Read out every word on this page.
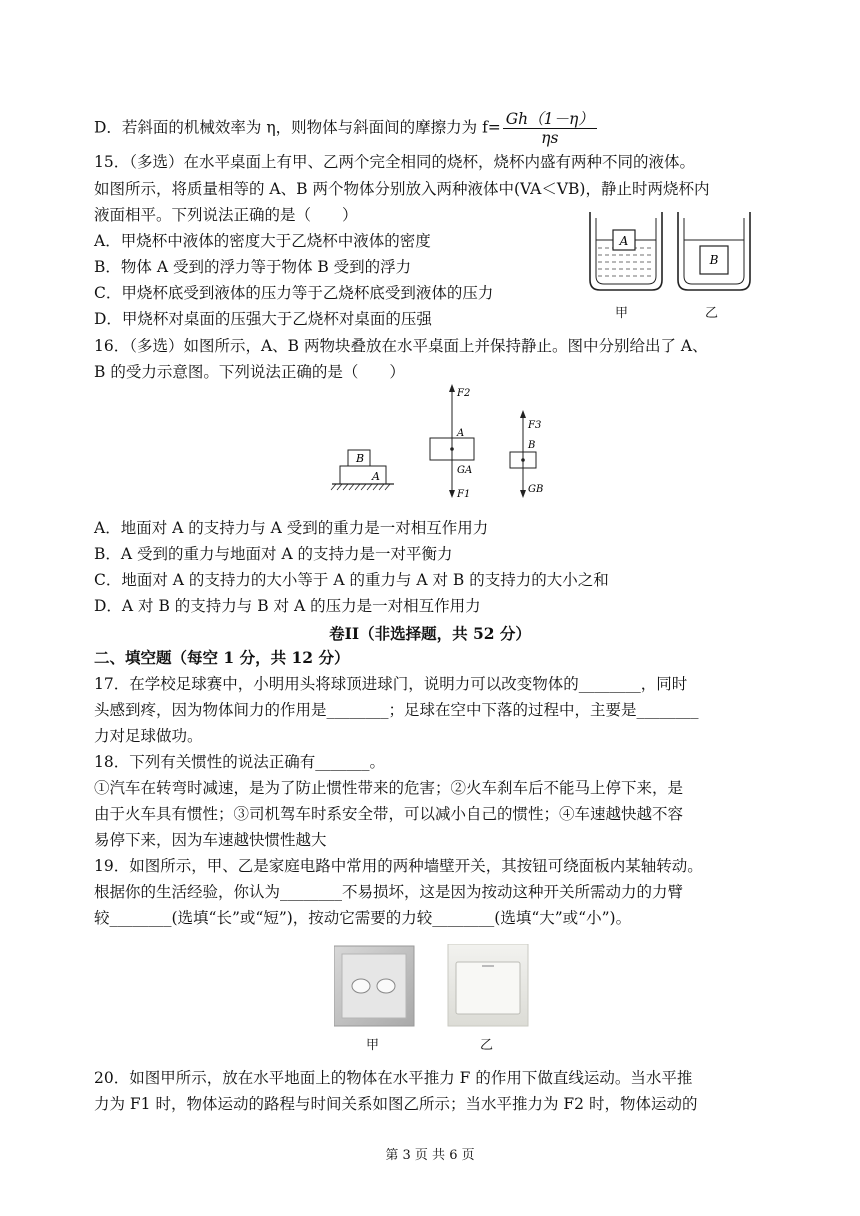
D．若斜面的机械效率为 η，则物体与斜面间的摩擦力为 $f= \frac{Gh(1-\eta)}{\eta s}$
15．（多选）在水平桌面上有甲、乙两个完全相同的烧杯，烧杯内盛有两种不同的液体。
如图所示，将质量相等的 A、B 两个物体分别放入两种液体中(VA＜VB)，静止时两烧杯内
液面相平。下列说法正确的是（　　）
A．甲烧杯中液体的密度大于乙烧杯中液体的密度
B．物体 A 受到的浮力等于物体 B 受到的浮力
C．甲烧杯底受到液体的压力等于乙烧杯底受到液体的压力
D．甲烧杯对桌面的压强大于乙烧杯对桌面的压强
A
B
甲	乙
16．（多选）如图所示，A、B 两物块叠放在水平桌面上并保持静止。图中分别给出了 A、
B 的受力示意图。下列说法正确的是（　　）
B
A
F2
A
GA
F1
F3
B
GB
A．地面对 A 的支持力与 A 受到的重力是一对相互作用力
B．A 受到的重力与地面对 A 的支持力是一对平衡力
C．地面对 A 的支持力的大小等于 A 的重力与 A 对 B 的支持力的大小之和
D．A 对 B 的支持力与 B 对 A 的压力是一对相互作用力
卷II（非选择题，共 52 分）
二、填空题（每空 1 分，共 12 分）
17．在学校足球赛中，小明用头将球顶进球门，说明力可以改变物体的________，同时
头感到疼，因为物体间力的作用是________；足球在空中下落的过程中，主要是________
力对足球做功。
18．下列有关惯性的说法正确有_______。
①汽车在转弯时减速，是为了防止惯性带来的危害；②火车刹车后不能马上停下来，是
由于火车具有惯性；③司机驾车时系安全带，可以减小自己的惯性；④车速越快越不容
易停下来，因为车速越快惯性越大
19．如图所示，甲、乙是家庭电路中常用的两种墙壁开关，其按钮可绕面板内某轴转动。
根据你的生活经验，你认为________不易损坏，这是因为按动这种开关所需动力的力臂
较________(选填“长”或“短”)，按动它需要的力较________(选填“大”或“小”)。
甲	乙
20．如图甲所示，放在水平地面上的物体在水平推力 F 的作用下做直线运动。当水平推
力为 F1 时，物体运动的路程与时间关系如图乙所示；当水平推力为 F2 时，物体运动的
第 3 页 共 6 页
